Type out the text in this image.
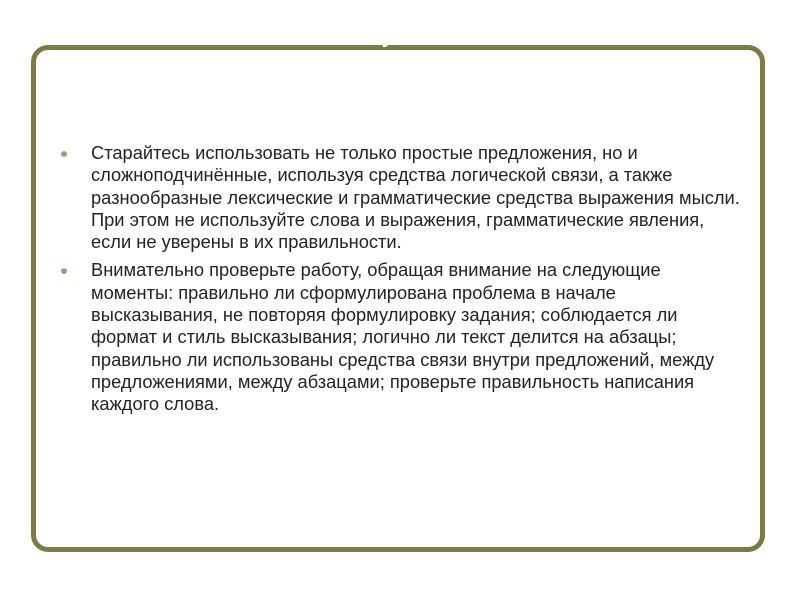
Работы по обоснованному
Старайтесь использовать не только простые предложения, но и сложноподчинённые, используя средства логической связи, а также разнообразные лексические и грамматические средства выражения мысли. При этом не используйте слова и выражения, грамматические явления, если не уверены в их правильности.
Внимательно проверьте работу, обращая внимание на следующие моменты: правильно ли сформулирована проблема в начале высказывания, не повторяя формулировку задания; соблюдается ли формат и стиль высказывания; логично ли текст делится на абзацы; правильно ли использованы средства связи внутри предложений, между предложениями, между абзацами; проверьте правильность написания каждого слова.
